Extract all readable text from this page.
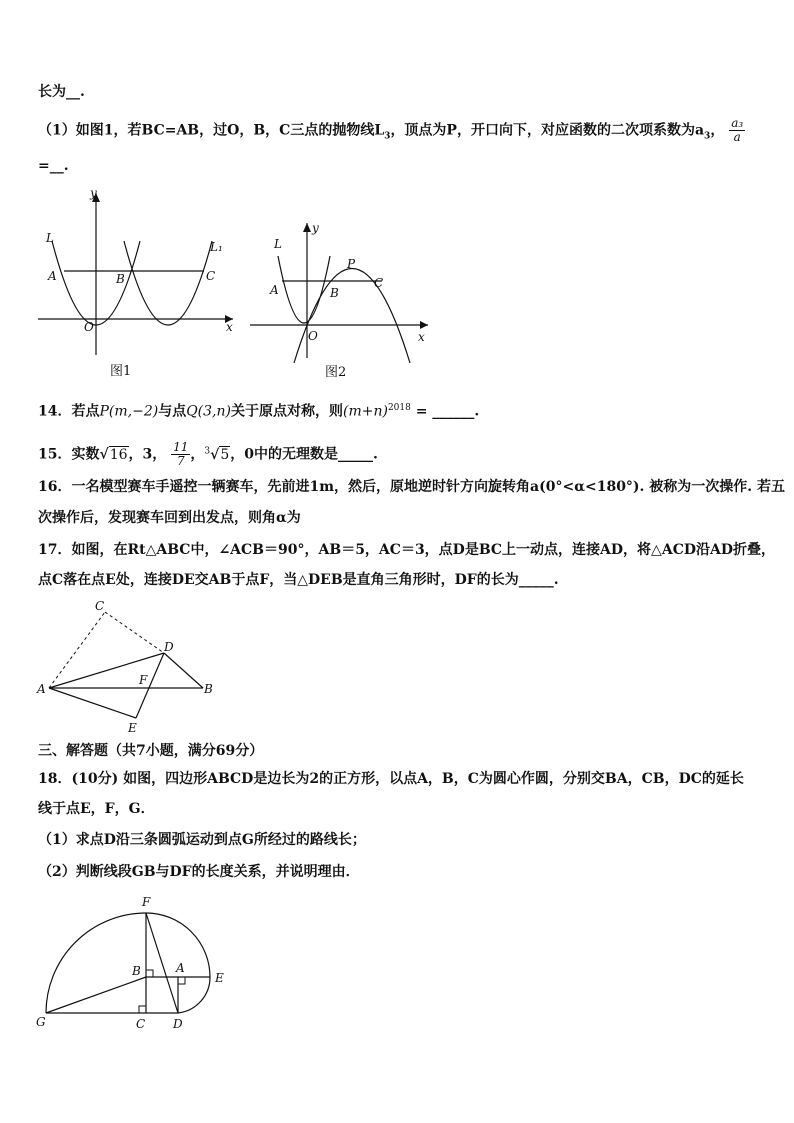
长为__.
（1）如图1，若BC=AB，过O，B，C三点的抛物线$L_3$，顶点为P，开口向下，对应函数的二次项系数为$a_3$， $\frac{\text{a₃}}{a}$
=__.
y
L
L₁
A	B	C
O	x
图1
y
L
P
A	B
C
O	x
图2
14．若点P(m,−2)与点Q(3,n)关于原点对称，则$(m+n)^{2018}$ = ______.
15．实数√16，3， $\frac{11}{7}$ ，$^3$√5，0中的无理数是_____.
16．一名模型赛车手遥控一辆赛车，先前进1m，然后，原地逆时针方向旋转角a(0°<α<180°). 被称为一次操作. 若五
次操作后，发现赛车回到出发点，则角α为
17．如图，在Rt△ABC中，∠ACB＝90°，AB＝5，AC＝3，点D是BC上一动点，连接AD，将△ACD沿AD折叠，
点C落在点E处，连接DE交AB于点F，当△DEB是直角三角形时，DF的长为_____.
C
D
A
F
B
E
三、解答题（共7小题，满分69分）
18．(10分) 如图，四边形ABCD是边长为2的正方形，以点A，B，C为圆心作圆，分别交BA，CB，DC的延长
线于点E，F，G．
（1）求点D沿三条圆弧运动到点G所经过的路线长；
（2）判断线段GB与DF的长度关系，并说明理由．
F
B	A
E
G	C D
